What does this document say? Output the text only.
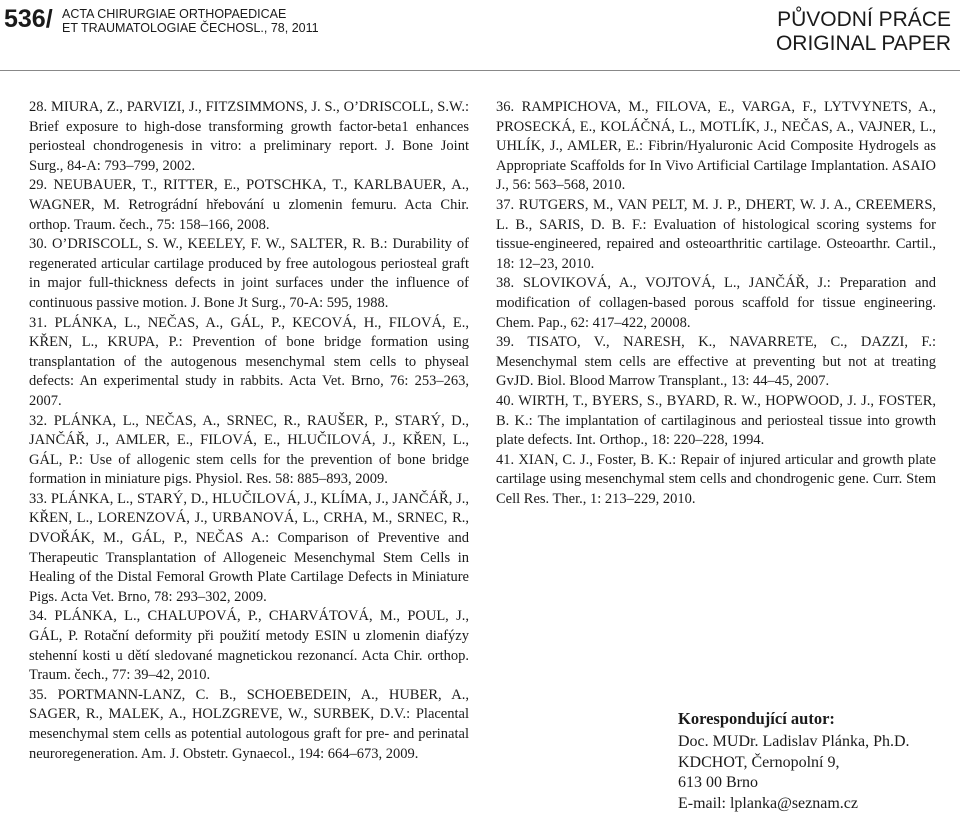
536/ ACTA CHIRURGIAE ORTHOPAEDICAE
ET TRAUMATOLOGIAE ČECHOSL., 78, 2011	PŮVODNÍ PRÁCE
ORIGINAL PAPER

28. MIURA, Z., PARVIZI, J., FITZSIMMONS, J. S., O’DRISCOLL, S.W.: Brief exposure to high-dose transforming growth factor-beta1 enhances periosteal chondrogenesis in vitro: a preliminary report. J. Bone Joint Surg., 84-A: 793–799, 2002.

29. NEUBAUER, T., RITTER, E., POTSCHKA, T., KARLBAUER, A., WAGNER, M. Retrográdní hřebování u zlomenin femuru. Acta Chir. orthop. Traum. čech., 75: 158–166, 2008.

30. O’DRISCOLL, S. W., KEELEY, F. W., SALTER, R. B.: Durability of regenerated articular cartilage produced by free autologous periosteal graft in major full-thickness defects in joint surfaces under the influence of continuous passive motion. J. Bone Jt Surg., 70-A: 595, 1988.

31. PLÁNKA, L., NEČAS, A., GÁL, P., KECOVÁ, H., FILOVÁ, E., KŘEN, L., KRUPA, P.: Prevention of bone bridge formation using transplantation of the autogenous mesenchymal stem cells to physeal defects: An experimental study in rabbits. Acta Vet. Brno, 76: 253–263, 2007.

32. PLÁNKA, L., NEČAS, A., SRNEC, R., RAUŠER, P., STARÝ, D., JANČÁŘ, J., AMLER, E., FILOVÁ, E., HLUČILOVÁ, J., KŘEN, L., GÁL, P.: Use of allogenic stem cells for the prevention of bone bridge formation in miniature pigs. Physiol. Res. 58: 885–893, 2009.

33. PLÁNKA, L., STARÝ, D., HLUČILOVÁ, J., KLÍMA, J., JANČÁŘ, J., KŘEN, L., LORENZOVÁ, J., URBANOVÁ, L., CRHA, M., SRNEC, R., DVOŘÁK, M., GÁL, P., NEČAS A.: Comparison of Preventive and Therapeutic Transplantation of Allogeneic Mesenchymal Stem Cells in Healing of the Distal Femoral Growth Plate Cartilage Defects in Miniature Pigs. Acta Vet. Brno, 78: 293–302, 2009.

34. PLÁNKA, L., CHALUPOVÁ, P., CHARVÁTOVÁ, M., POUL, J., GÁL, P. Rotační deformity při použití metody ESIN u zlomenin diafýzy stehenní kosti u dětí sledované magnetickou rezonancí. Acta Chir. orthop. Traum. čech., 77: 39–42, 2010.

35. PORTMANN-LANZ, C. B., SCHOEBEDEIN, A., HUBER, A., SAGER, R., MALEK, A., HOLZGREVE, W., SURBEK, D.V.: Placental mesenchymal stem cells as potential autologous graft for pre- and perinatal neuroregeneration. Am. J. Obstetr. Gynaecol., 194: 664–673, 2009.

36. RAMPICHOVA, M., FILOVA, E., VARGA, F., LYTVYNETS, A., PROSECKÁ, E., KOLÁČNÁ, L., MOTLÍK, J., NEČAS, A., VAJNER, L., UHLÍK, J., AMLER, E.: Fibrin/Hyaluronic Acid Composite Hydrogels as Appropriate Scaffolds for In Vivo Artificial Cartilage Implantation. ASAIO J., 56: 563–568, 2010.

37. RUTGERS, M., VAN PELT, M. J. P., DHERT, W. J. A., CREEMERS, L. B., SARIS, D. B. F.: Evaluation of histological scoring systems for tissue-engineered, repaired and osteoarthritic cartilage. Osteoarthr. Cartil., 18: 12–23, 2010.

38. SLOVIKOVÁ, A., VOJTOVÁ, L., JANČÁŘ, J.: Preparation and modification of collagen-based porous scaffold for tissue engineering. Chem. Pap., 62: 417–422, 20008.

39. TISATO, V., NARESH, K., NAVARRETE, C., DAZZI, F.: Mesenchymal stem cells are effective at preventing but not at treating GvJD. Biol. Blood Marrow Transplant., 13: 44–45, 2007.

40. WIRTH, T., BYERS, S., BYARD, R. W., HOPWOOD, J. J., FOSTER, B. K.: The implantation of cartilaginous and periosteal tissue into growth plate defects. Int. Orthop., 18: 220–228, 1994.

41. XIAN, C. J., Foster, B. K.: Repair of injured articular and growth plate cartilage using mesenchymal stem cells and chondrogenic gene. Curr. Stem Cell Res. Ther., 1: 213–229, 2010.

Korespondující autor:
Doc. MUDr. Ladislav Plánka, Ph.D.
KDCHOT, Černopolní 9,
613 00 Brno
E-mail: lplanka@seznam.cz
